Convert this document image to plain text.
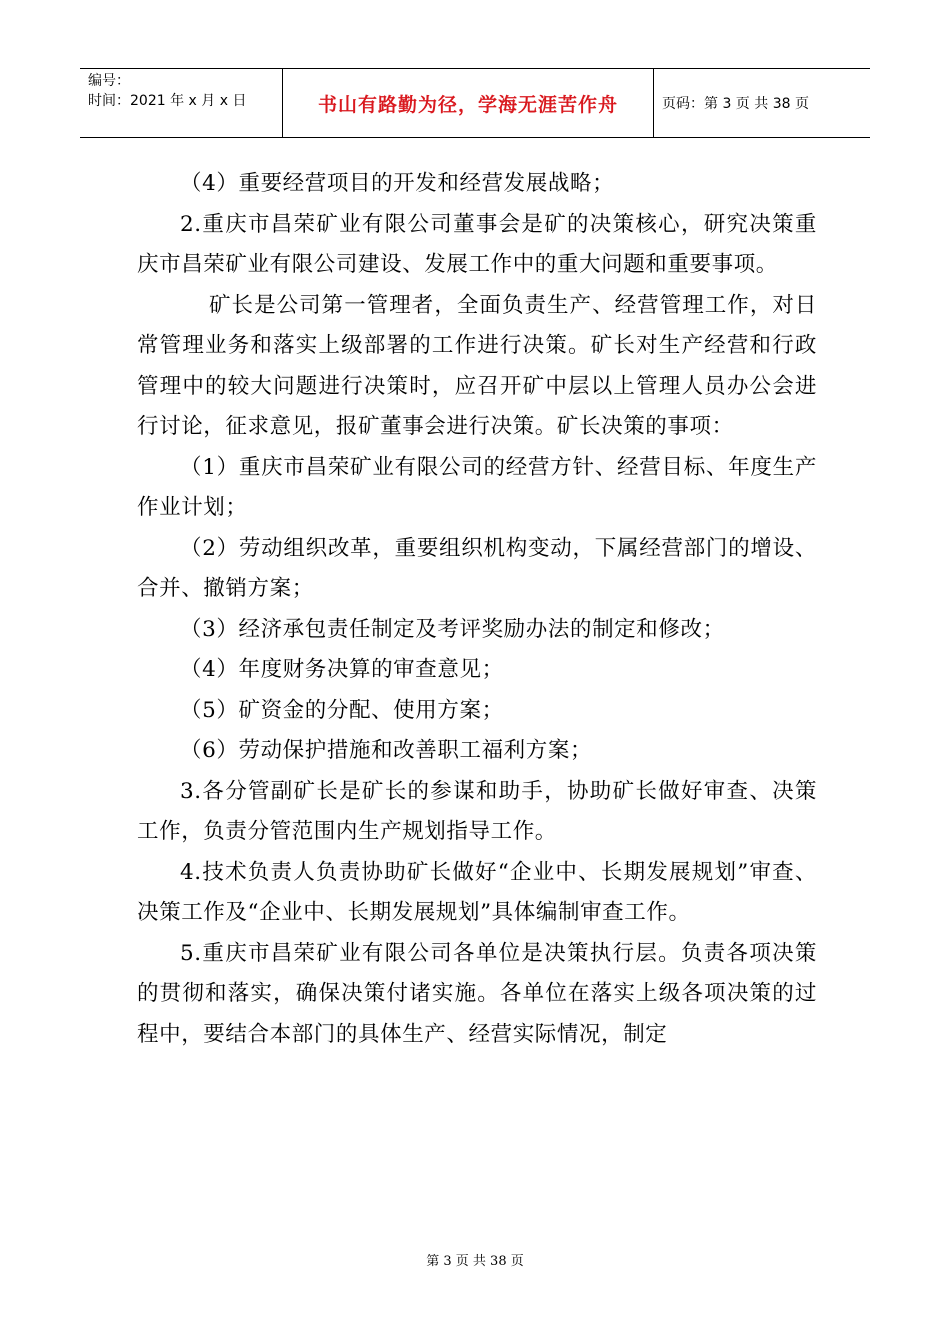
编号：
时间：2021 年 x 月 x 日	书山有路勤为径，学海无涯苦作舟	页码：第 3 页 共 38 页

（4）重要经营项目的开发和经营发展战略；

2.重庆市昌荣矿业有限公司董事会是矿的决策核心，研究决策重庆市昌荣矿业有限公司建设、发展工作中的重大问题和重要事项。

矿长是公司第一管理者，全面负责生产、经营管理工作，对日常管理业务和落实上级部署的工作进行决策。矿长对生产经营和行政管理中的较大问题进行决策时，应召开矿中层以上管理人员办公会进行讨论，征求意见，报矿董事会进行决策。矿长决策的事项：

（1）重庆市昌荣矿业有限公司的经营方针、经营目标、年度生产作业计划；

（2）劳动组织改革，重要组织机构变动，下属经营部门的增设、合并、撤销方案；

（3）经济承包责任制定及考评奖励办法的制定和修改；

（4）年度财务决算的审查意见；

（5）矿资金的分配、使用方案；

（6）劳动保护措施和改善职工福利方案；

3.各分管副矿长是矿长的参谋和助手，协助矿长做好审查、决策工作，负责分管范围内生产规划指导工作。

4.技术负责人负责协助矿长做好“企业中、长期发展规划”审查、决策工作及“企业中、长期发展规划”具体编制审查工作。

5.重庆市昌荣矿业有限公司各单位是决策执行层。负责各项决策的贯彻和落实，确保决策付诸实施。各单位在落实上级各项决策的过程中，要结合本部门的具体生产、经营实际情况，制定

第 3 页 共 38 页
